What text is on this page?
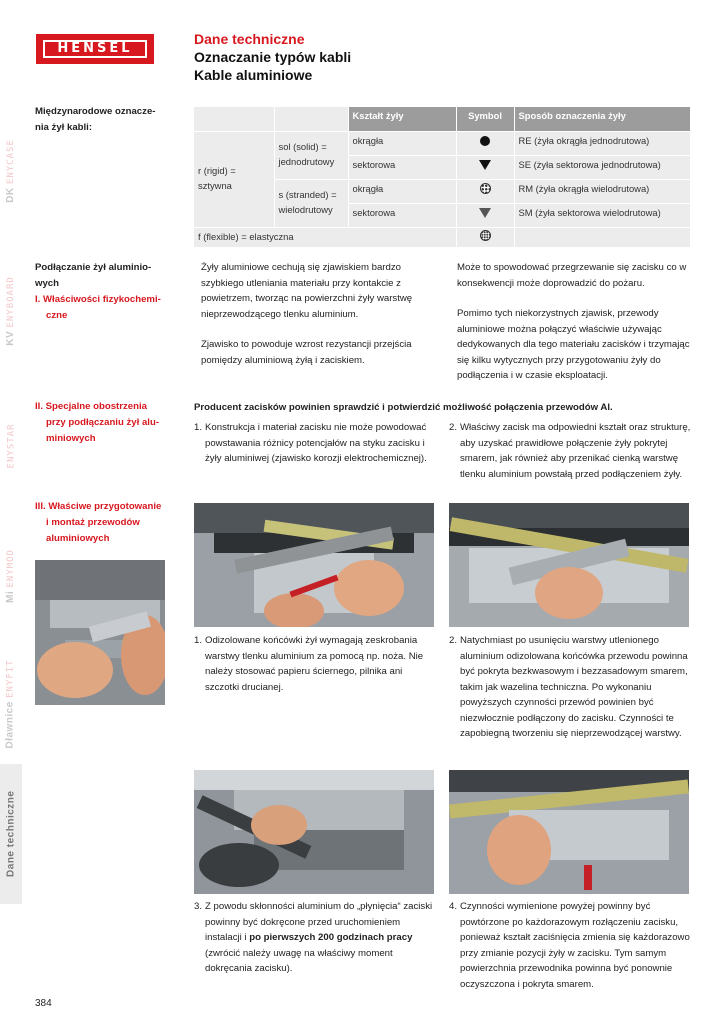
DK ENYCASE
KV ENYBOARD
ENYSTAR
Mi ENYMOD
Dławnice ENYFIT
Dane techniczne
HENSEL
Dane techniczne
Oznaczanie typów kabli
Kable aluminiowe
Międzynarodowe oznacze-
nia żył kabli:
Podłączanie żył aluminio-
wych
I. Właściwości fizykochemi-
czne
II. Specjalne obostrzenia
przy podłączaniu żył alu-
miniowych
III. Właściwe przygotowanie
i montaż przewodów
aluminiowych
		Kształt żyły	Symbol	Sposób oznaczenia żyły
r (rigid) = sztywna	sol (solid) = jednodrutowy	okrągła		RE (żyła okrągła jednodrutowa)
		sektorowa		SE (żyła sektorowa jednodrutowa)
	s (stranded) = wielodrutowy	okrągła		RM (żyła okrągła wielodrutowa)
		sektorowa		SM (żyła sektorowa wielodrutowa)
f (flexible) = elastyczna				

Żyły aluminiowe cechują się zjawiskiem bardzo szybkiego utleniania materiału przy kontakcie z powietrzem, tworząc na powierzchni żyły warstwę nieprzewodzącego tlenku aluminium.

Zjawisko to powoduje wzrost rezystancji przejścia pomiędzy aluminiową żyłą i zaciskiem.

Może to spowodować przegrzewanie się zacisku co w konsekwencji może doprowadzić do pożaru.

Pomimo tych niekorzystnych zjawisk, przewody aluminiowe można połączyć właściwie używając dedykowanych dla tego materiału zacisków i trzymając się kilku wytycznych przy przygotowaniu żyły do podłączenia i w czasie eksploatacji.

Producent zacisków powinien sprawdzić i potwierdzić możliwość połączenia przewodów Al.
1. Konstrukcja i materiał zacisku nie może powodować powstawania różnicy potencjałów na styku zacisku i żyły aluminiwej (zjawisko korozji elektrochemicznej).
2. Właściwy zacisk ma odpowiedni kształt oraz strukturę, aby uzyskać prawidłowe połączenie żyły pokrytej smarem, jak również aby przenikać cienką warstwę tlenku aluminium powstałą przed podłączeniem żyły.
1. Odizolowane końcówki żył wymagają zeskrobania warstwy tlenku aluminium za pomocą np. noża. Nie należy stosować papieru ściernego, pilnika ani szczotki drucianej.
2. Natychmiast po usunięciu warstwy utlenionego aluminium odizolowana końcówka przewodu powinna być pokryta bezkwasowym i bezzasadowym smarem, takim jak wazelina techniczna. Po wykonaniu powyższych czynności przewód powinien być niezwłocznie podłączony do zacisku. Czynności te zapobiegną tworzeniu się nieprzewodzącej warstwy.
3. Z powodu skłonności aluminium do „płynięcia“ zaciski powinny być dokręcone przed uruchomieniem instalacji i po pierwszych 200 godzinach pracy (zwrócić należy uwagę na właściwy moment dokręcania zacisku).
4. Czynności wymienione powyżej powinny być powtórzone po każdorazowym rozłączeniu zacisku, ponieważ kształt zaciśnięcia zmienia się każdorazowo przy zmianie pozycji żyły w zacisku. Tym samym powierzchnia przewodnika powinna być ponownie oczyszczona i pokryta smarem.
384
